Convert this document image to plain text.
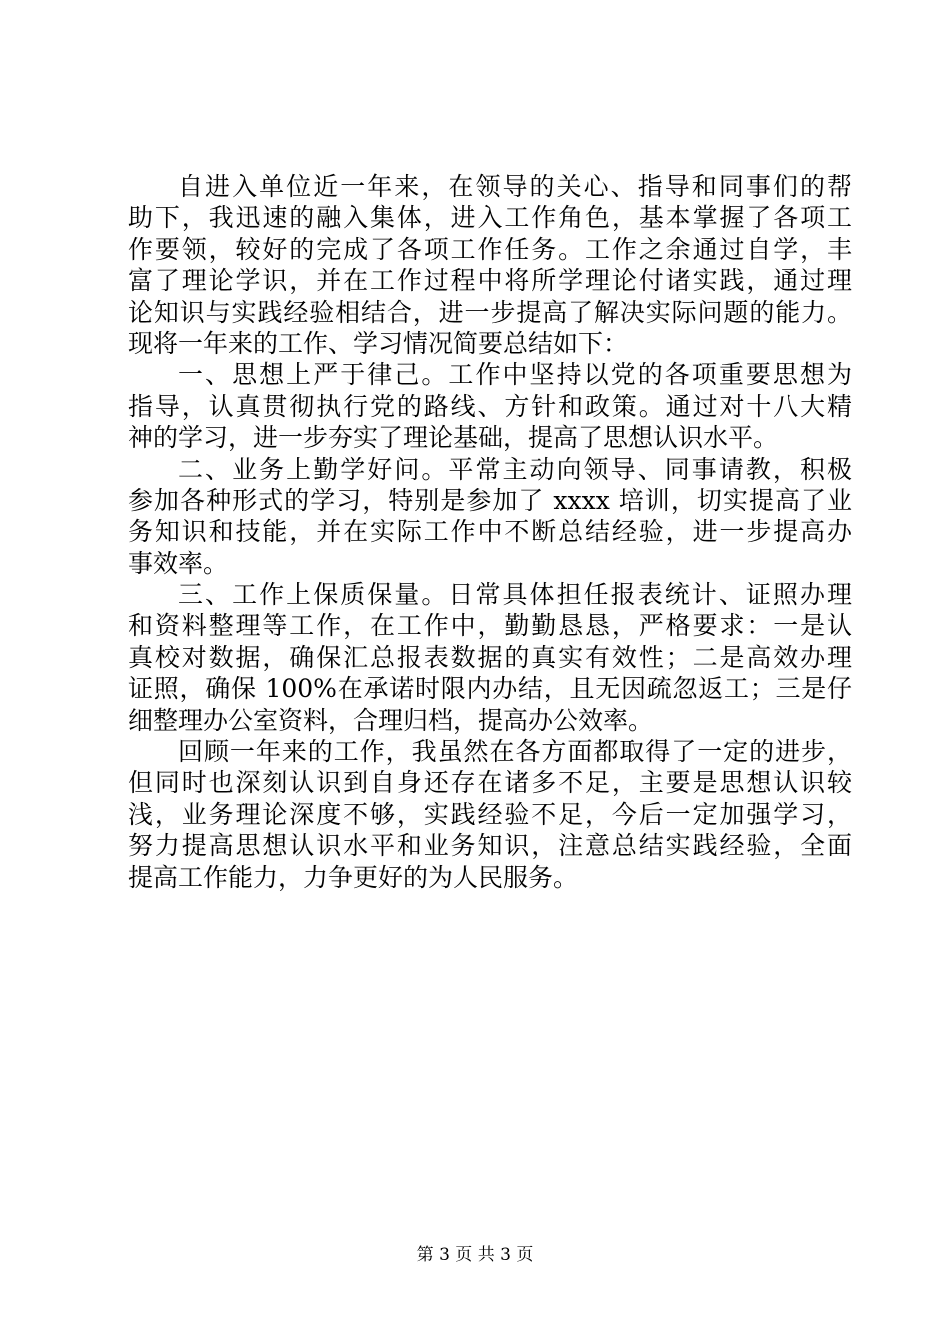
自进入单位近一年来，在领导的关心、指导和同事们的帮
助下，我迅速的融入集体，进入工作角色，基本掌握了各项工
作要领，较好的完成了各项工作任务。工作之余通过自学，丰
富了理论学识，并在工作过程中将所学理论付诸实践，通过理
论知识与实践经验相结合，进一步提高了解决实际问题的能力。
现将一年来的工作、学习情况简要总结如下：
一、思想上严于律己。工作中坚持以党的各项重要思想为
指导，认真贯彻执行党的路线、方针和政策。通过对十八大精
神的学习，进一步夯实了理论基础，提高了思想认识水平。
二、业务上勤学好问。平常主动向领导、同事请教，积极
参加各种形式的学习，特别是参加了 xxxx 培训，切实提高了业
务知识和技能，并在实际工作中不断总结经验，进一步提高办
事效率。
三、工作上保质保量。日常具体担任报表统计、证照办理
和资料整理等工作，在工作中，勤勤恳恳，严格要求：一是认
真校对数据，确保汇总报表数据的真实有效性；二是高效办理
证照，确保 100%在承诺时限内办结，且无因疏忽返工；三是仔
细整理办公室资料，合理归档，提高办公效率。
回顾一年来的工作，我虽然在各方面都取得了一定的进步，
但同时也深刻认识到自身还存在诸多不足，主要是思想认识较
浅，业务理论深度不够，实践经验不足，今后一定加强学习，
努力提高思想认识水平和业务知识，注意总结实践经验，全面
提高工作能力，力争更好的为人民服务。
第 3 页 共 3 页
